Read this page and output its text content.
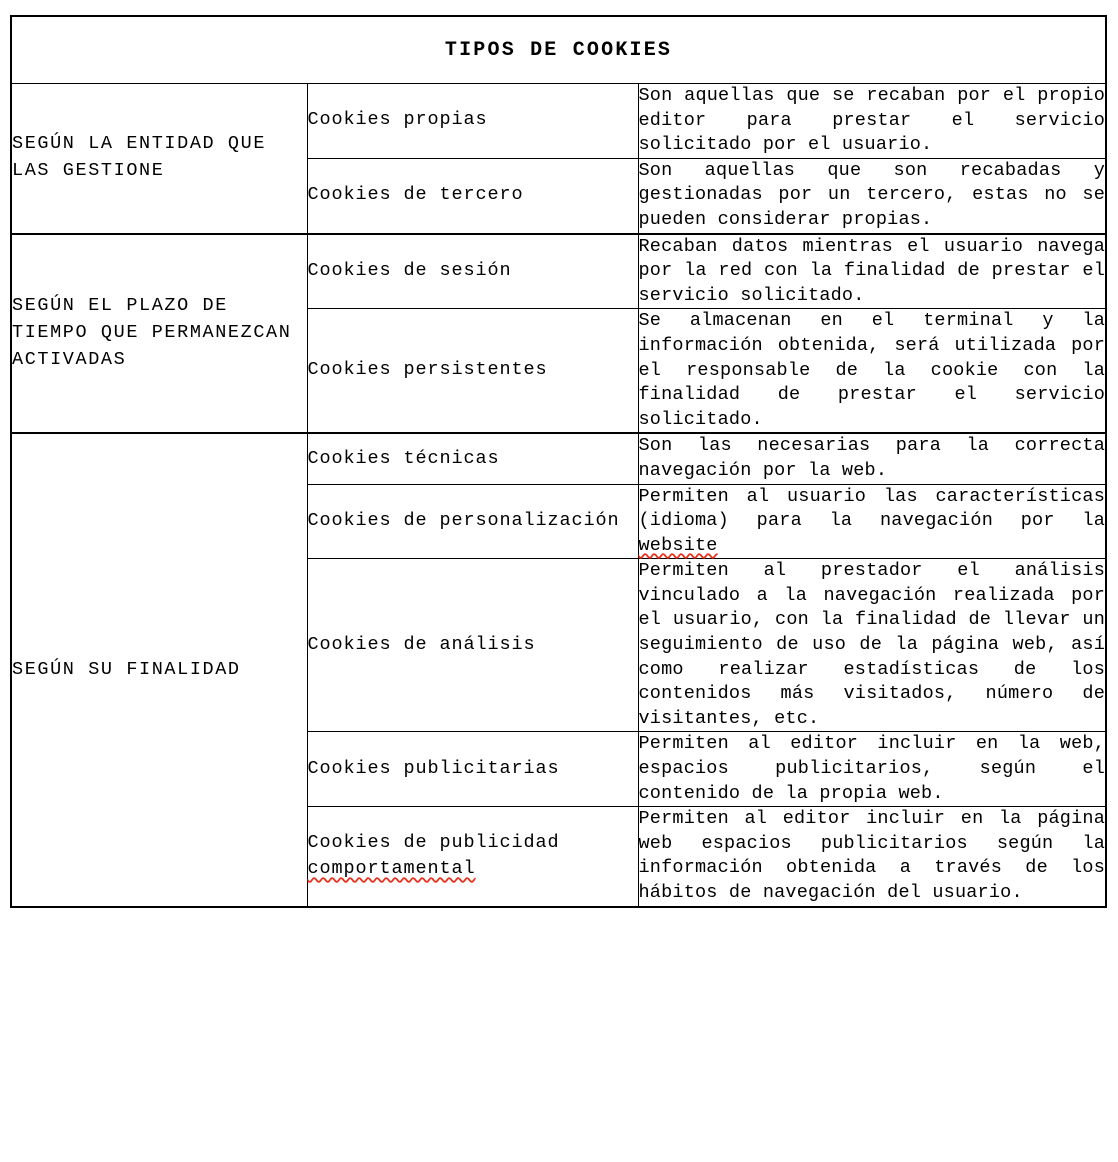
TIPOS DE COOKIES		
SEGÚN LA ENTIDAD QUE LAS GESTIONE	Cookies propias	Son aquellas que se recaban por el propio editor para prestar el servicio solicitado por el usuario.

	Cookies de tercero	Son aquellas que son recabadas y gestionadas por un tercero, estas no se pueden considerar propias.

SEGÚN EL PLAZO DE TIEMPO QUE PERMANEZCAN ACTIVADAS	Cookies de sesión	Recaban datos mientras el usuario navega por la red con la finalidad de prestar el servicio solicitado.

	Cookies persistentes	Se almacenan en el terminal y la información obtenida, será utilizada por el responsable de la cookie con la finalidad de prestar el servicio solicitado.

SEGÚN SU FINALIDAD	Cookies técnicas	Son las necesarias para la correcta navegación por la web.

	Cookies de personalización	Permiten al usuario las características (idioma) para la navegación por la website

	Cookies de análisis	Permiten al prestador el análisis vinculado a la navegación realizada por el usuario, con la finalidad de llevar un seguimiento de uso de la página web, así como realizar estadísticas de los contenidos más visitados, número de visitantes, etc.

	Cookies publicitarias	Permiten al editor incluir en la web, espacios publicitarios, según el contenido de la propia web.

	Cookies de publicidad comportamental	Permiten al editor incluir en la página web espacios publicitarios según la información obtenida a través de los hábitos de navegación del usuario.
